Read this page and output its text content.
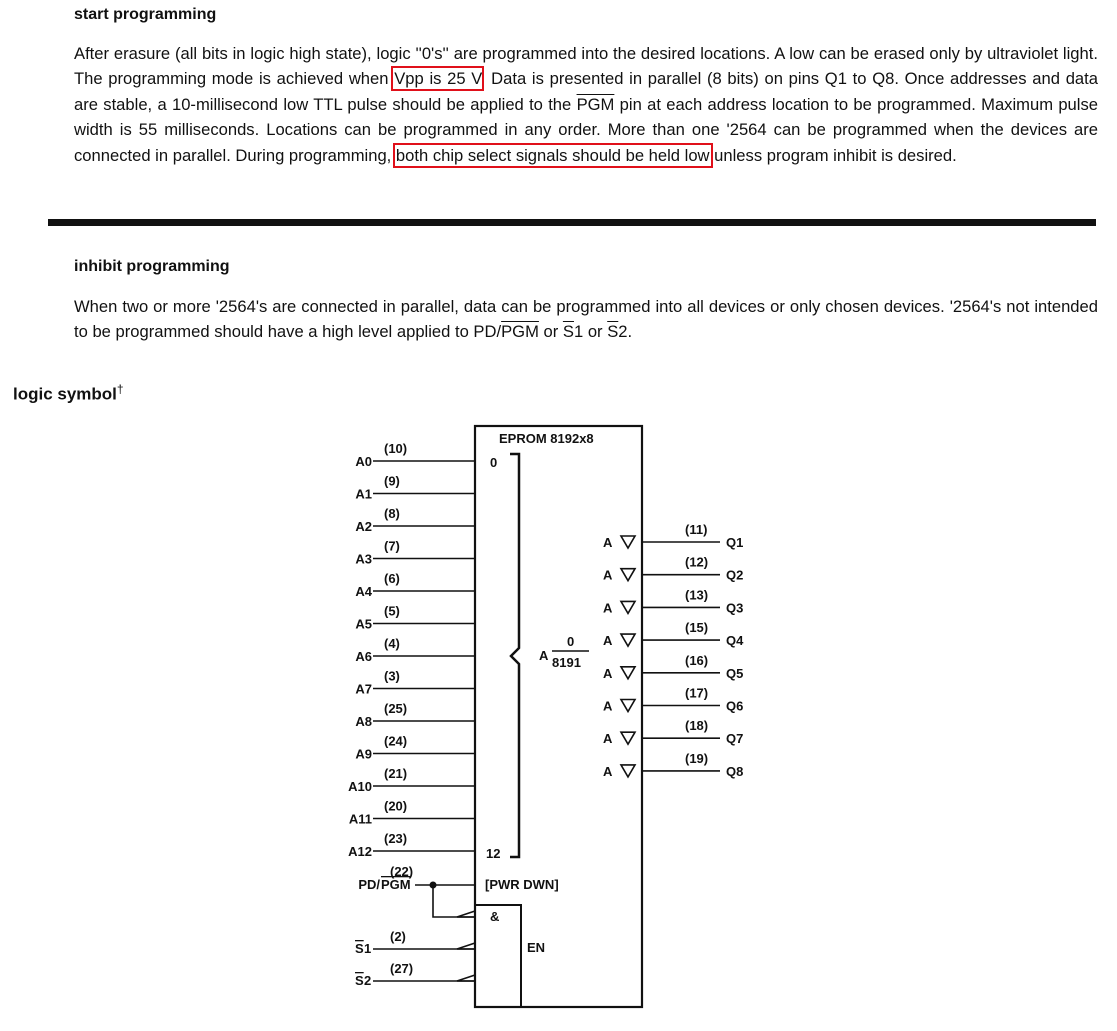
start programming

After erasure (all bits in logic high state), logic ''0's'' are programmed into the desired locations. A low can be erased only by ultraviolet light. The programming mode is achieved when Vpp is 25 V. Data is presented in parallel (8 bits) on pins Q1 to Q8. Once addresses and data are stable, a 10-millisecond low TTL pulse should be applied to the $\overline{PGM}$ pin at each address location to be programmed. Maximum pulse width is 55 milliseconds. Locations can be programmed in any order. More than one '2564 can be programmed when the devices are connected in parallel. During programming, both chip select signals should be held low unless program inhibit is desired.

inhibit programming

When two or more '2564's are connected in parallel, data can be programmed into all devices or only chosen devices. '2564's not intended to be programmed should have a high level applied to $PD/\overline{PGM}$ or $\overline{S}1$ or $\overline{S}2$.

logic symbol†

EPROM 8192x8
0
12
A
0
8191
A0
(10)
A1
(9)
A2
(8)
A3
(7)
A4
(6)
A5
(5)
A6
(4)
A7
(3)
A8
(25)
A9
(24)
A10
(21)
A11
(20)
A12
(23)
A
(11)
Q1
A
(12)
Q2
A
(13)
Q3
A
(15)
Q4
A
(16)
Q5
A
(17)
Q6
A
(18)
Q7
A
(19)
Q8
PD/ PGM
(22)
[PWR DWN]
&
EN
S 1
(2)
S 2
(27)
